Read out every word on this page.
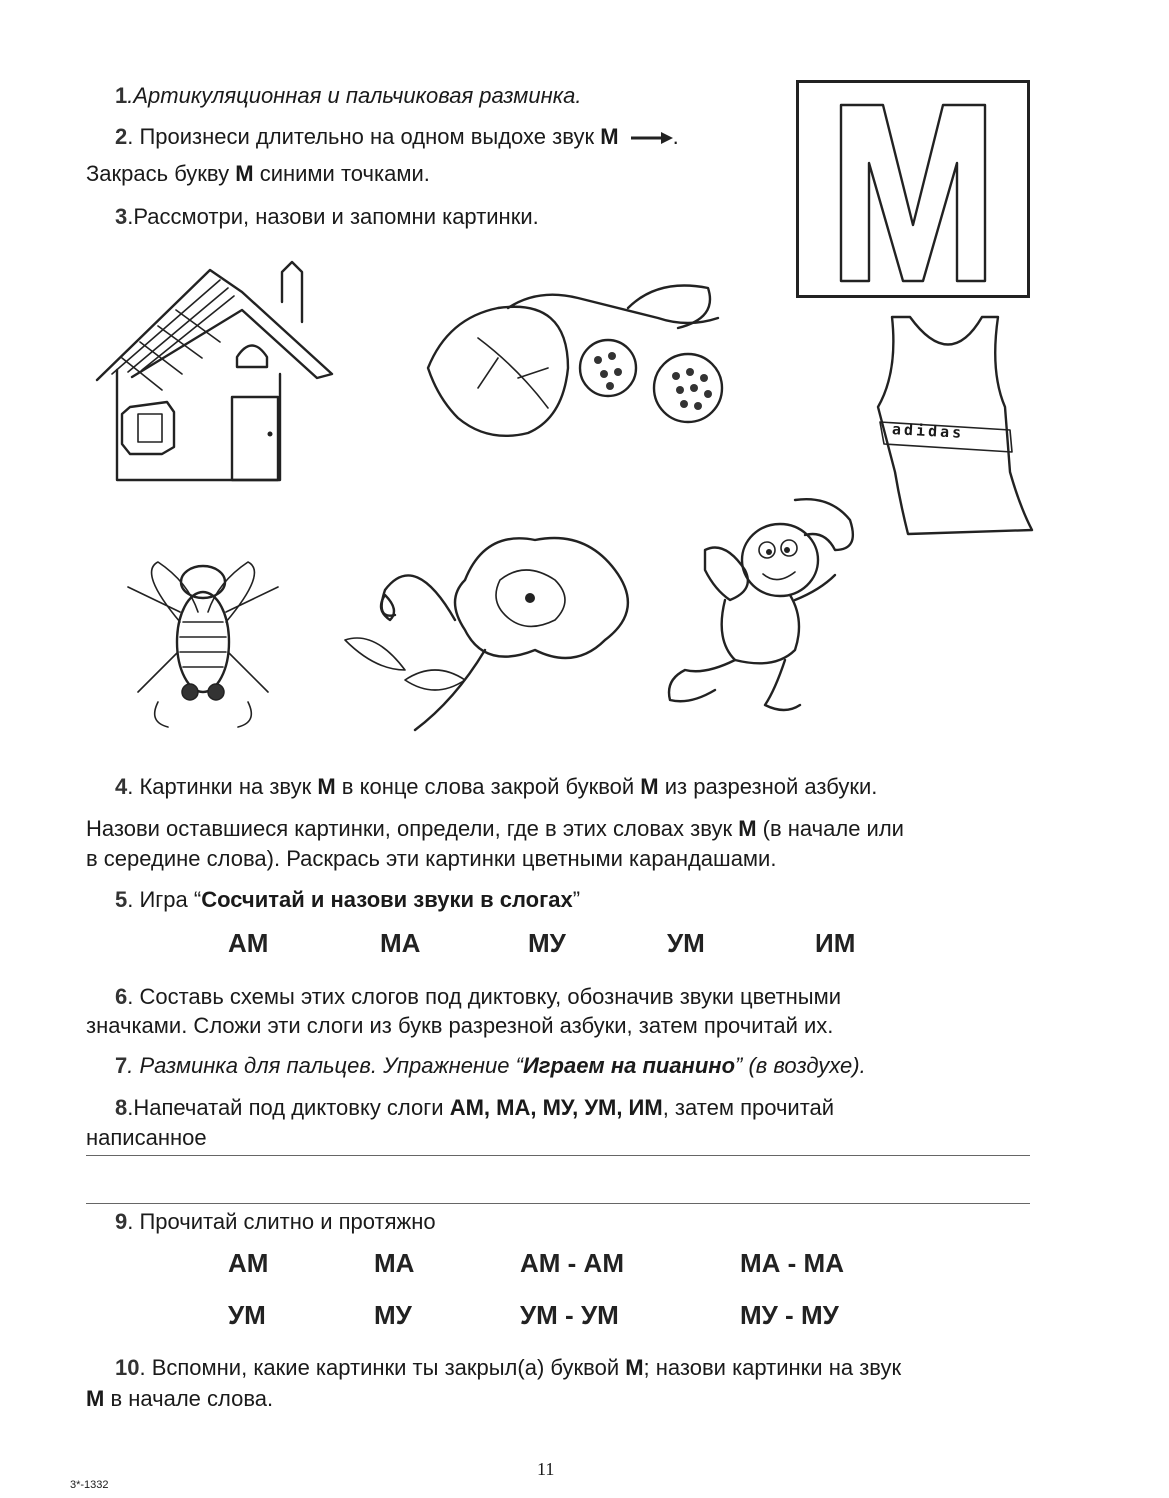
1.Артикуляционная и пальчиковая разминка.
2. Произнеси длительно на одном выдохе звук М .
Закрась букву М синими точками.
3.Рассмотри, назови и запомни картинки.
adidas
4. Картинки на звук М в конце слова закрой буквой М из разрезной азбуки.
Назови оставшиеся картинки, определи, где в этих словах звук М (в начале или
в середине слова). Раскрась эти картинки цветными карандашами.
5. Игра “Сосчитай и назови звуки в слогах”
АМ	МА	МУ	УМ	ИМ
6. Составь схемы этих слогов под диктовку, обозначив звуки цветными
значками. Сложи эти слоги из букв разрезной азбуки, затем прочитай их.
7. Разминка для пальцев. Упражнение “Играем на пианино” (в воздухе).
8.Напечатай под диктовку слоги АМ, МА, МУ, УМ, ИМ, затем прочитай
написанное
9. Прочитай слитно и протяжно
АМ	МА	АМ - АМ	МА - МА
УМ	МУ	УМ - УМ	МУ - МУ
10. Вспомни, какие картинки ты закрыл(а) буквой М; назови картинки на звук
М в начале слова.
11
3*-1332
